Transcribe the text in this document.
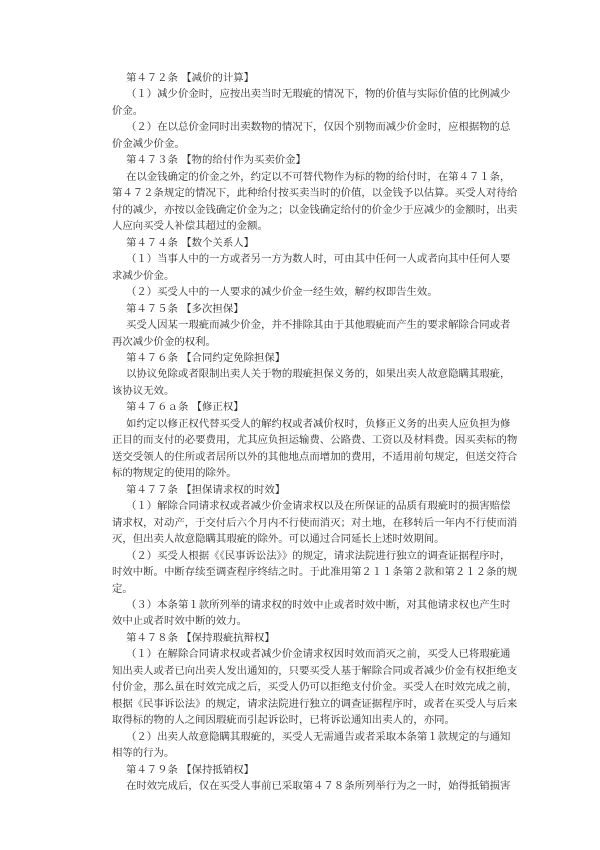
第４７２条 【减价的计算】
（１）减少价金时，应按出卖当时无瑕疵的情况下，物的价值与实际价值的比例减少
价金。
（２）在以总价金同时出卖数物的情况下，仅因个别物而减少价金时，应根据物的总
价金减少价金。
第４７３条 【物的给付作为买卖价金】
在以金钱确定的价金之外，约定以不可替代物作为标的物的给付时，在第４７１条，
第４７２条规定的情况下，此种给付按买卖当时的价值，以金钱予以估算。买受人对待给
付的减少，亦按以金钱确定价金为之；以金钱确定给付的价金少于应减少的金额时，出卖
人应向买受人补偿其超过的金额。
第４７４条 【数个关系人】
（１）当事人中的一方或者另一方为数人时，可由其中任何一人或者向其中任何人要
求减少价金。
（２）买受人中的一人要求的减少价金一经生效，解约权即告生效。
第４７５条 【多次担保】
买受人因某一瑕疵而减少价金，并不排除其由于其他瑕疵而产生的要求解除合同或者
再次减少价金的权利。
第４７６条 【合同约定免除担保】
以协议免除或者限制出卖人关于物的瑕疵担保义务的，如果出卖人故意隐瞒其瑕疵，
该协议无效。
第４７６ａ条 【修正权】
如约定以修正权代替买受人的解约权或者减价权时，负修正义务的出卖人应负担为修
正目的而支付的必要费用，尤其应负担运输费、公路费、工资以及材料费。因买卖标的物
送交受领人的住所或者居所以外的其他地点而增加的费用，不适用前句规定，但送交符合
标的物规定的使用的除外。
第４７７条 【担保请求权的时效】
（１）解除合同请求权或者减少价金请求权以及在所保证的品质有瑕疵时的损害赔偿
请求权，对动产，于交付后六个月内不行使而消灭；对土地，在移转后一年内不行使而消
灭，但出卖人故意隐瞒其瑕疵的除外。可以通过合同延长上述时效期间。
（２）买受人根据《《民事诉讼法》》的规定，请求法院进行独立的调查证据程序时，
时效中断。中断存续至调查程序终结之时。于此准用第２１１条第２款和第２１２条的规
定。
（３）本条第１款所列举的请求权的时效中止或者时效中断，对其他请求权也产生时
效中止或者时效中断的效力。
第４７８条 【保持瑕疵抗辩权】
（１）在解除合同请求权或者减少价金请求权因时效而消灭之前，买受人已将瑕疵通
知出卖人或者已向出卖人发出通知的，只要买受人基于解除合同或者减少价金有权拒绝支
付价金，那么虽在时效完成之后，买受人仍可以拒绝支付价金。买受人在时效完成之前，
根据《民事诉讼法》的规定，请求法院进行独立的调查证据程序时，或者在买受人与后来
取得标的物的人之间因瑕疵而引起诉讼时，已将诉讼通知出卖人的，亦同。
（２）出卖人故意隐瞒其瑕疵的，买受人无需通告或者采取本条第１款规定的与通知
相等的行为。
第４７９条 【保持抵销权】
在时效完成后，仅在买受人事前已采取第４７８条所列举行为之一时，始得抵销损害
